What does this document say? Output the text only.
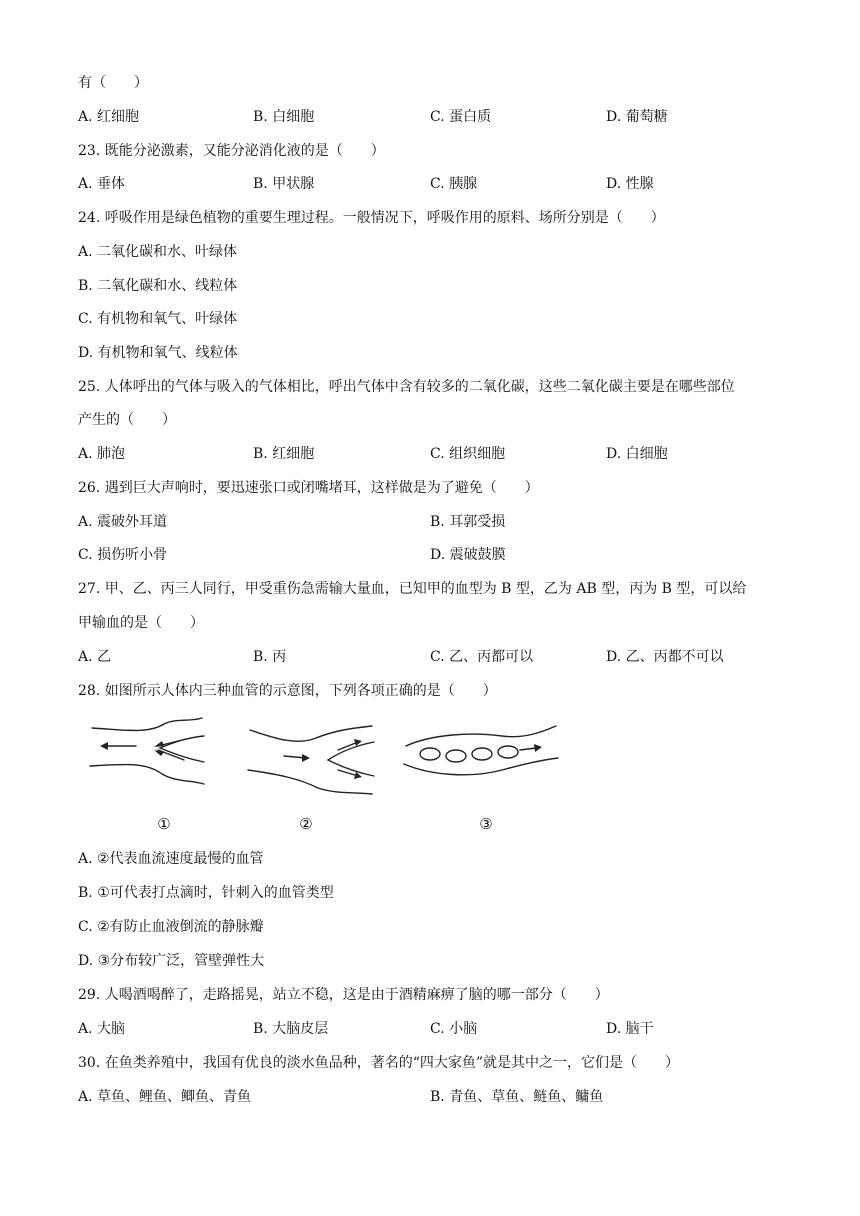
有（　　）
A. 红细胞	B. 白细胞	C. 蛋白质	D. 葡萄糖
23. 既能分泌激素，又能分泌消化液的是（　　）
A. 垂体	B. 甲状腺	C. 胰腺	D. 性腺
24. 呼吸作用是绿色植物的重要生理过程。一般情况下，呼吸作用的原料、场所分别是（　　）
A. 二氧化碳和水、叶绿体
B. 二氧化碳和水、线粒体
C. 有机物和氧气、叶绿体
D. 有机物和氧气、线粒体
25. 人体呼出的气体与吸入的气体相比，呼出气体中含有较多的二氧化碳，这些二氧化碳主要是在哪些部位
产生的（　　）
A. 肺泡	B. 红细胞	C. 组织细胞	D. 白细胞
26. 遇到巨大声响时，要迅速张口或闭嘴堵耳，这样做是为了避免（　　）
A. 震破外耳道	B. 耳郭受损
C. 损伤听小骨	D. 震破鼓膜
27. 甲、乙、丙三人同行，甲受重伤急需输大量血，已知甲的血型为 B 型，乙为 AB 型，丙为 B 型，可以给
甲输血的是（　　）
A. 乙	B. 丙	C. 乙、丙都可以	D. 乙、丙都不可以
28. 如图所示人体内三种血管的示意图，下列各项正确的是（　　）
①	②	③
A. ②代表血流速度最慢的血管
B. ①可代表打点滴时，针刺入的血管类型
C. ②有防止血液倒流的静脉瓣
D. ③分布较广泛，管壁弹性大
29. 人喝酒喝醉了，走路摇晃，站立不稳，这是由于酒精麻痹了脑的哪一部分（　　）
A. 大脑	B. 大脑皮层	C. 小脑	D. 脑干
30. 在鱼类养殖中，我国有优良的淡水鱼品种，著名的“四大家鱼”就是其中之一，它们是（　　）
A. 草鱼、鲤鱼、鲫鱼、青鱼	B. 青鱼、草鱼、鲢鱼、鳙鱼
